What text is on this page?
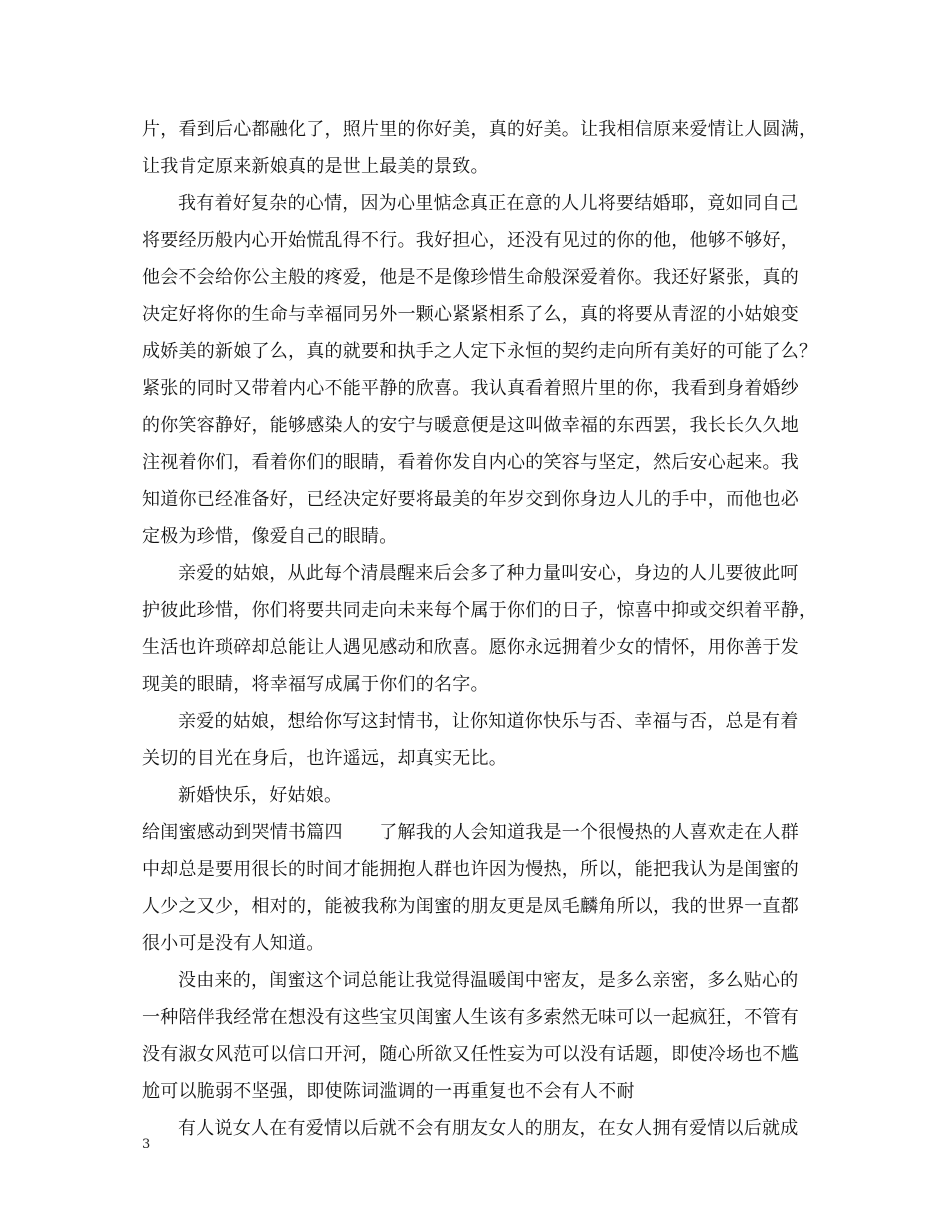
片，看到后心都融化了，照片里的你好美，真的好美。让我相信原来爱情让人圆满，
让我肯定原来新娘真的是世上最美的景致。
我有着好复杂的心情，因为心里惦念真正在意的人儿将要结婚耶，竟如同自己
将要经历般内心开始慌乱得不行。我好担心，还没有见过的你的他，他够不够好，
他会不会给你公主般的疼爱，他是不是像珍惜生命般深爱着你。我还好紧张，真的
决定好将你的生命与幸福同另外一颗心紧紧相系了么，真的将要从青涩的小姑娘变
成娇美的新娘了么，真的就要和执手之人定下永恒的契约走向所有美好的可能了么？
紧张的同时又带着内心不能平静的欣喜。我认真看着照片里的你，我看到身着婚纱
的你笑容静好，能够感染人的安宁与暖意便是这叫做幸福的东西罢，我长长久久地
注视着你们，看着你们的眼睛，看着你发自内心的笑容与坚定，然后安心起来。我
知道你已经准备好，已经决定好要将最美的年岁交到你身边人儿的手中，而他也必
定极为珍惜，像爱自己的眼睛。
亲爱的姑娘，从此每个清晨醒来后会多了种力量叫安心，身边的人儿要彼此呵
护彼此珍惜，你们将要共同走向未来每个属于你们的日子，惊喜中抑或交织着平静，
生活也许琐碎却总能让人遇见感动和欣喜。愿你永远拥着少女的情怀，用你善于发
现美的眼睛，将幸福写成属于你们的名字。
亲爱的姑娘，想给你写这封情书，让你知道你快乐与否、幸福与否，总是有着
关切的目光在身后，也许遥远，却真实无比。
新婚快乐，好姑娘。
给闺蜜感动到哭情书篇四　　了解我的人会知道我是一个很慢热的人喜欢走在人群
中却总是要用很长的时间才能拥抱人群也许因为慢热，所以，能把我认为是闺蜜的
人少之又少，相对的，能被我称为闺蜜的朋友更是凤毛麟角所以，我的世界一直都
很小可是没有人知道。
没由来的，闺蜜这个词总能让我觉得温暖闺中密友，是多么亲密，多么贴心的
一种陪伴我经常在想没有这些宝贝闺蜜人生该有多索然无味可以一起疯狂，不管有
没有淑女风范可以信口开河，随心所欲又任性妄为可以没有话题，即使冷场也不尴
尬可以脆弱不坚强，即使陈词滥调的一再重复也不会有人不耐
有人说女人在有爱情以后就不会有朋友女人的朋友，在女人拥有爱情以后就成
3
